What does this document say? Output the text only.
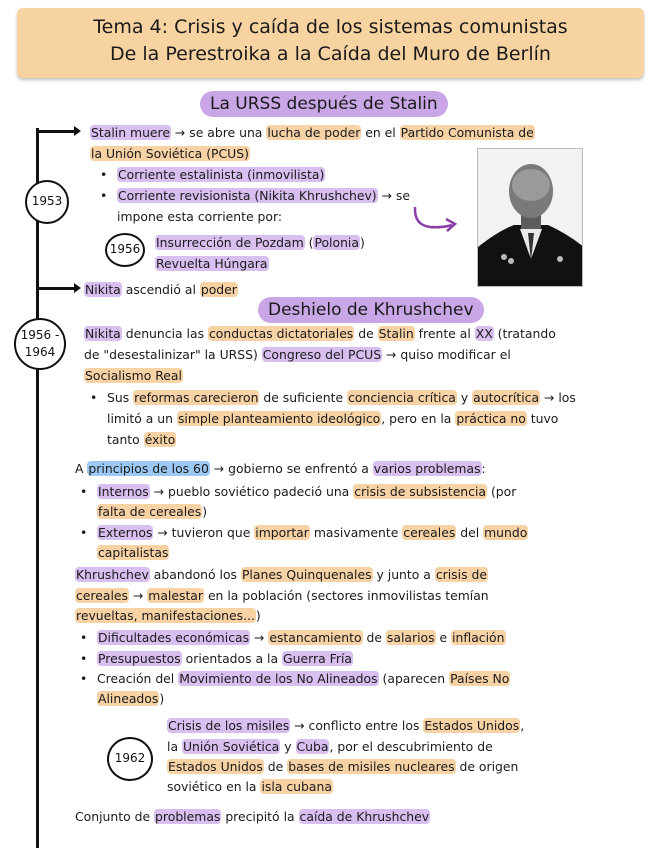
Tema 4: Crisis y caída de los sistemas comunistas
De la Perestroika a la Caída del Muro de Berlín
La URSS después de Stalin
Deshielo de Khrushchev
1953
1956
1956 -
1964
1962
Stalin muere → se abre una lucha de poder en el Partido Comunista de
la Unión Soviética (PCUS)
• Corriente estalinista (inmovilista)
• Corriente revisionista (Nikita Khrushchev) → se
impone esta corriente por:
Insurrección de Pozdam (Polonia)
Revuelta Húngara
Nikita ascendió al poder
Nikita denuncia las conductas dictatoriales de Stalin frente al XX (tratando
de "desestalinizar" la URSS) Congreso del PCUS → quiso modificar el
Socialismo Real
• Sus reformas carecieron de suficiente conciencia crítica y autocrítica → los
limitó a un simple planteamiento ideológico, pero en la práctica no tuvo
tanto éxito
A principios de los 60 → gobierno se enfrentó a varios problemas:
• Internos → pueblo soviético padeció una crisis de subsistencia (por
falta de cereales)
• Externos → tuvieron que importar masivamente cereales del mundo
capitalistas
Khrushchev abandonó los Planes Quinquenales y junto a crisis de
cereales → malestar en la población (sectores inmovilistas temían
revueltas, manifestaciones...)
• Dificultades económicas → estancamiento de salarios e inflación
• Presupuestos orientados a la Guerra Fría
• Creación del Movimiento de los No Alineados (aparecen Países No
Alineados)
Crisis de los misiles → conflicto entre los Estados Unidos,
la Unión Soviética y Cuba, por el descubrimiento de
Estados Unidos de bases de misiles nucleares de origen
soviético en la isla cubana
Conjunto de problemas precipitó la caída de Khrushchev
